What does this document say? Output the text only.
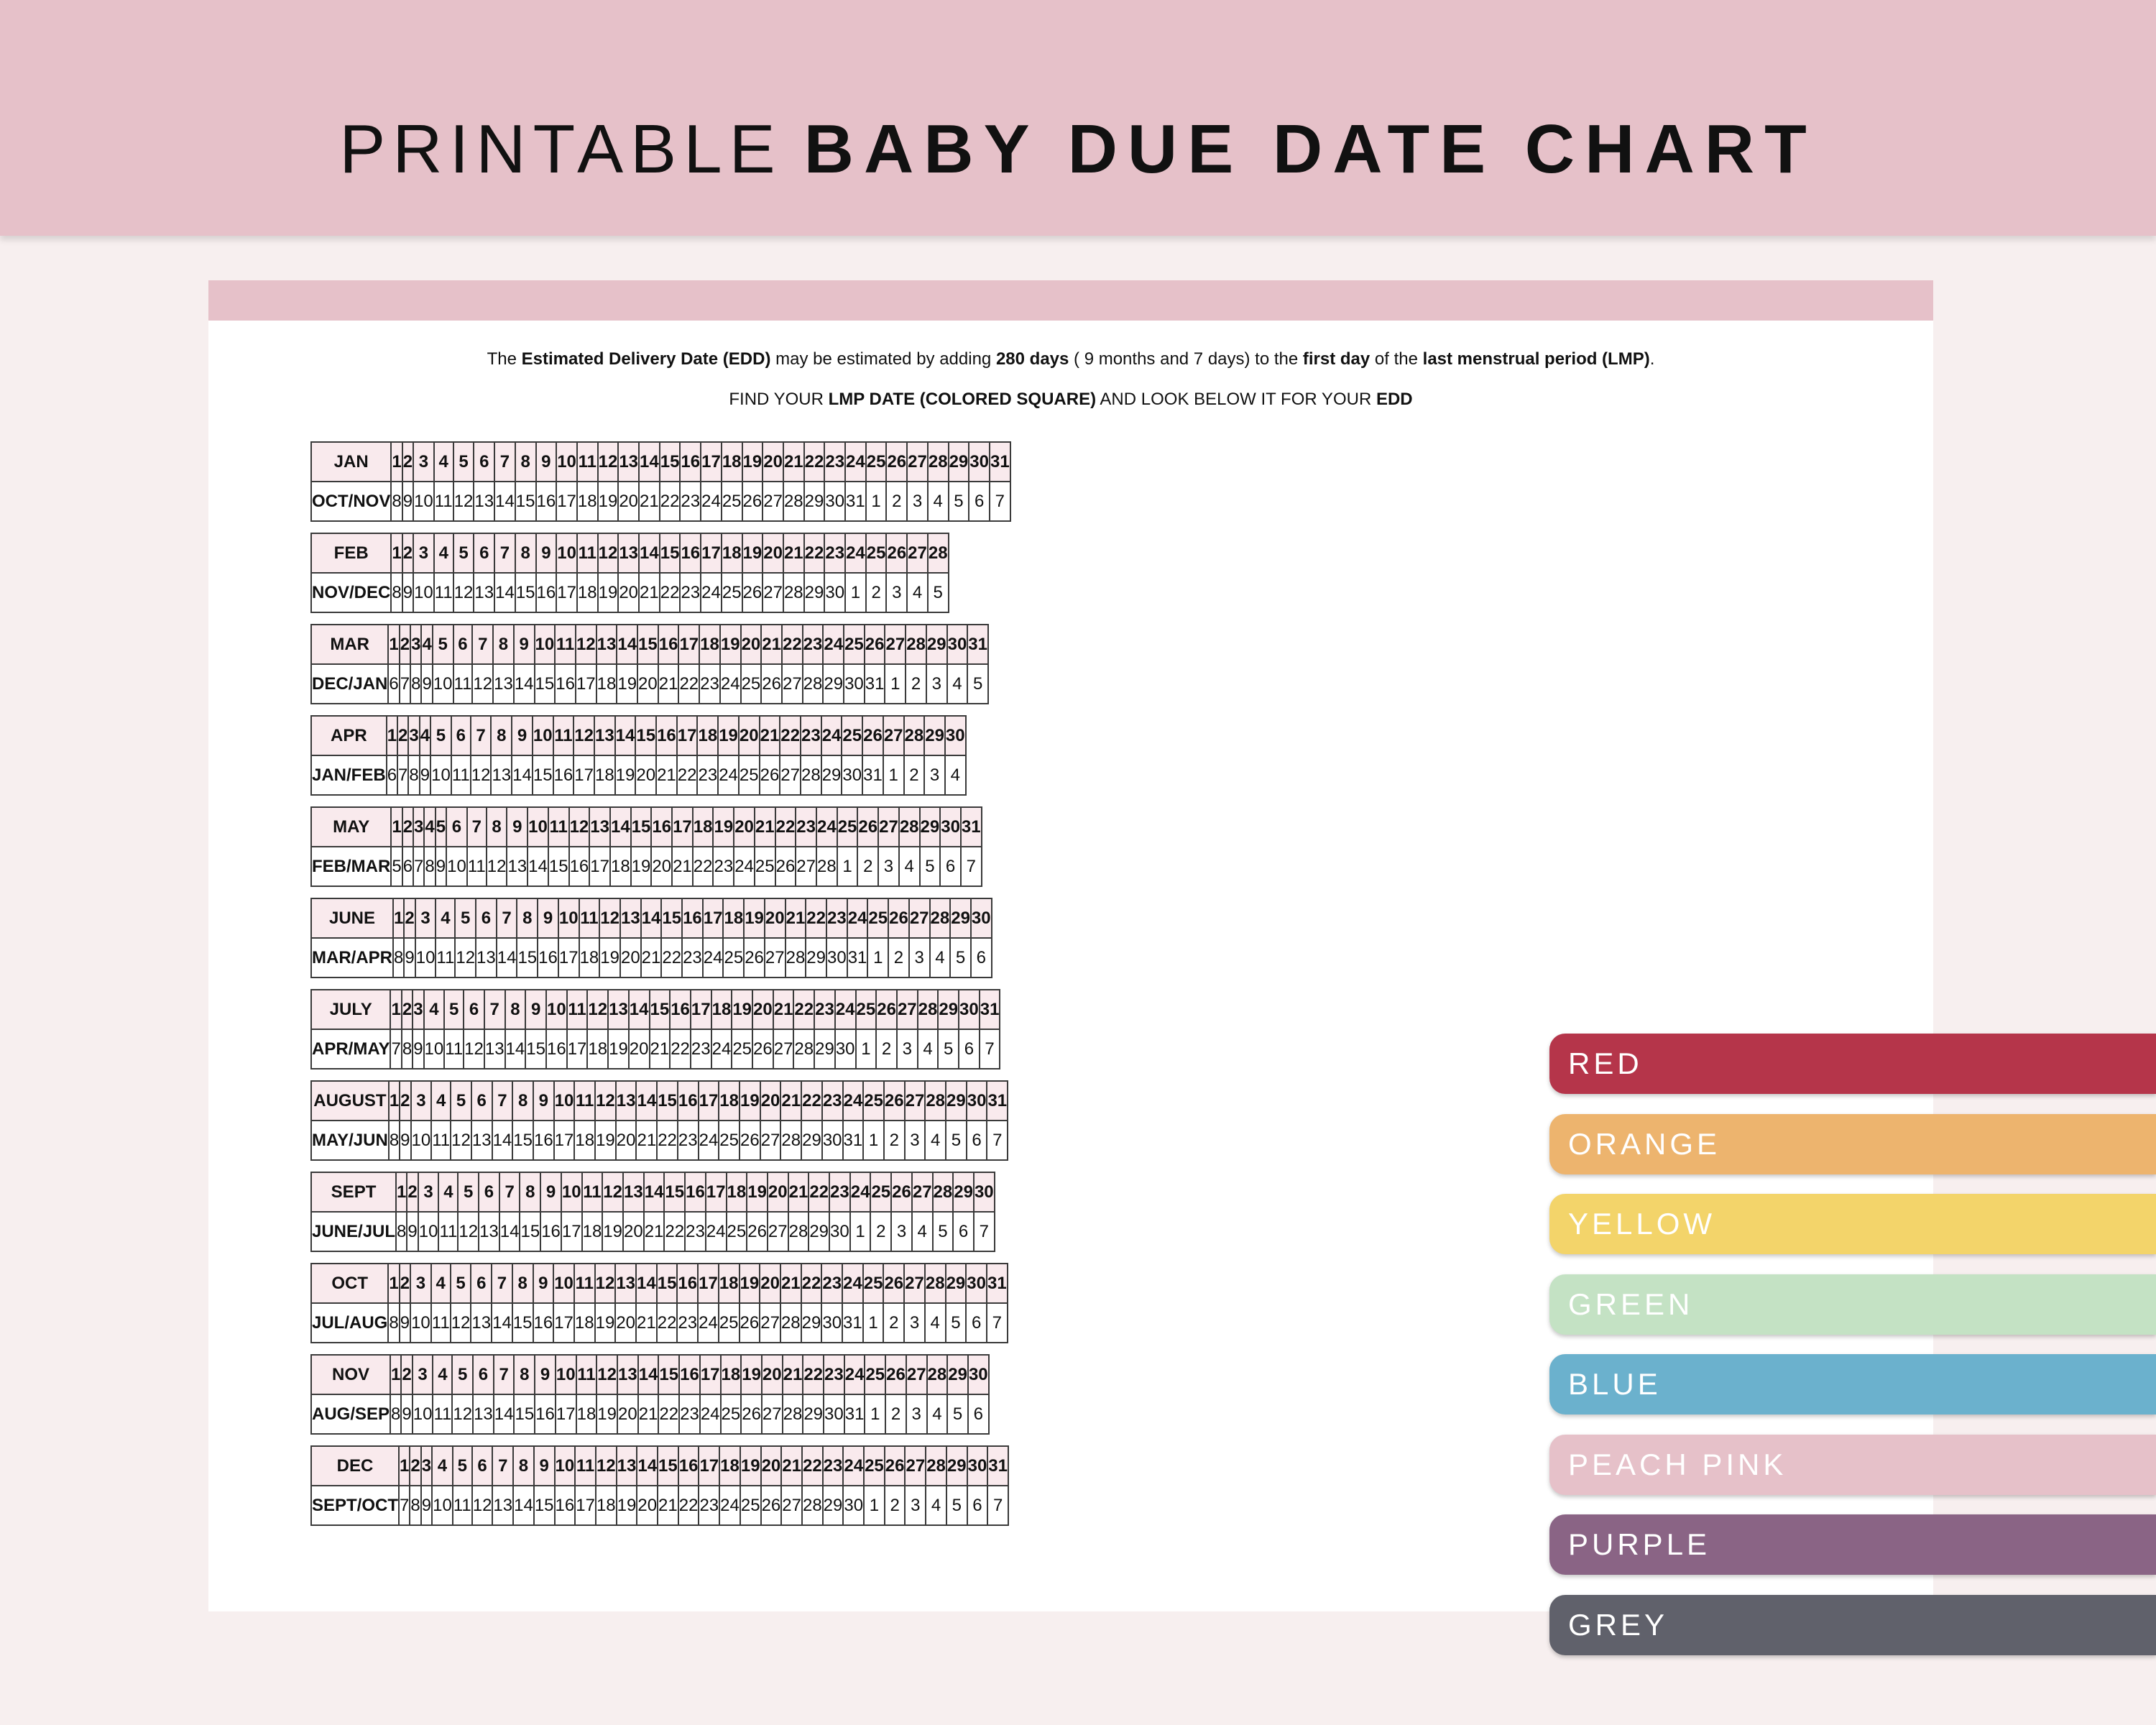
PRINTABLE BABY DUE DATE CHART
The Estimated Delivery Date (EDD) may be estimated by adding 280 days ( 9 months and 7 days) to the first day of the last menstrual period (LMP).
FIND YOUR LMP DATE (COLORED SQUARE) AND LOOK BELOW IT FOR YOUR EDD
JAN	1	2	3	4	5	6	7	8	9	10	11	12	13	14	15	16	17	18	19	20	21	22	23	24	25	26	27	28	29	30	31
OCT/NOV	8	9	10	11	12	13	14	15	16	17	18	19	20	21	22	23	24	25	26	27	28	29	30	31	1	2	3	4	5	6	7
FEB	1	2	3	4	5	6	7	8	9	10	11	12	13	14	15	16	17	18	19	20	21	22	23	24	25	26	27	28
NOV/DEC	8	9	10	11	12	13	14	15	16	17	18	19	20	21	22	23	24	25	26	27	28	29	30	1	2	3	4	5
MAR	1	2	3	4	5	6	7	8	9	10	11	12	13	14	15	16	17	18	19	20	21	22	23	24	25	26	27	28	29	30	31
DEC/JAN	6	7	8	9	10	11	12	13	14	15	16	17	18	19	20	21	22	23	24	25	26	27	28	29	30	31	1	2	3	4	5
APR	1	2	3	4	5	6	7	8	9	10	11	12	13	14	15	16	17	18	19	20	21	22	23	24	25	26	27	28	29	30
JAN/FEB	6	7	8	9	10	11	12	13	14	15	16	17	18	19	20	21	22	23	24	25	26	27	28	29	30	31	1	2	3	4
MAY	1	2	3	4	5	6	7	8	9	10	11	12	13	14	15	16	17	18	19	20	21	22	23	24	25	26	27	28	29	30	31
FEB/MAR	5	6	7	8	9	10	11	12	13	14	15	16	17	18	19	20	21	22	23	24	25	26	27	28	1	2	3	4	5	6	7
JUNE	1	2	3	4	5	6	7	8	9	10	11	12	13	14	15	16	17	18	19	20	21	22	23	24	25	26	27	28	29	30
MAR/APR	8	9	10	11	12	13	14	15	16	17	18	19	20	21	22	23	24	25	26	27	28	29	30	31	1	2	3	4	5	6
JULY	1	2	3	4	5	6	7	8	9	10	11	12	13	14	15	16	17	18	19	20	21	22	23	24	25	26	27	28	29	30	31
APR/MAY	7	8	9	10	11	12	13	14	15	16	17	18	19	20	21	22	23	24	25	26	27	28	29	30	1	2	3	4	5	6	7
AUGUST	1	2	3	4	5	6	7	8	9	10	11	12	13	14	15	16	17	18	19	20	21	22	23	24	25	26	27	28	29	30	31
MAY/JUN	8	9	10	11	12	13	14	15	16	17	18	19	20	21	22	23	24	25	26	27	28	29	30	31	1	2	3	4	5	6	7
SEPT	1	2	3	4	5	6	7	8	9	10	11	12	13	14	15	16	17	18	19	20	21	22	23	24	25	26	27	28	29	30
JUNE/JUL	8	9	10	11	12	13	14	15	16	17	18	19	20	21	22	23	24	25	26	27	28	29	30	1	2	3	4	5	6	7
OCT	1	2	3	4	5	6	7	8	9	10	11	12	13	14	15	16	17	18	19	20	21	22	23	24	25	26	27	28	29	30	31
JUL/AUG	8	9	10	11	12	13	14	15	16	17	18	19	20	21	22	23	24	25	26	27	28	29	30	31	1	2	3	4	5	6	7
NOV	1	2	3	4	5	6	7	8	9	10	11	12	13	14	15	16	17	18	19	20	21	22	23	24	25	26	27	28	29	30
AUG/SEP	8	9	10	11	12	13	14	15	16	17	18	19	20	21	22	23	24	25	26	27	28	29	30	31	1	2	3	4	5	6
DEC	1	2	3	4	5	6	7	8	9	10	11	12	13	14	15	16	17	18	19	20	21	22	23	24	25	26	27	28	29	30	31
SEPT/OCT	7	8	9	10	11	12	13	14	15	16	17	18	19	20	21	22	23	24	25	26	27	28	29	30	1	2	3	4	5	6	7
RED
ORANGE
YELLOW
GREEN
BLUE
PEACH PINK
PURPLE
GREY
